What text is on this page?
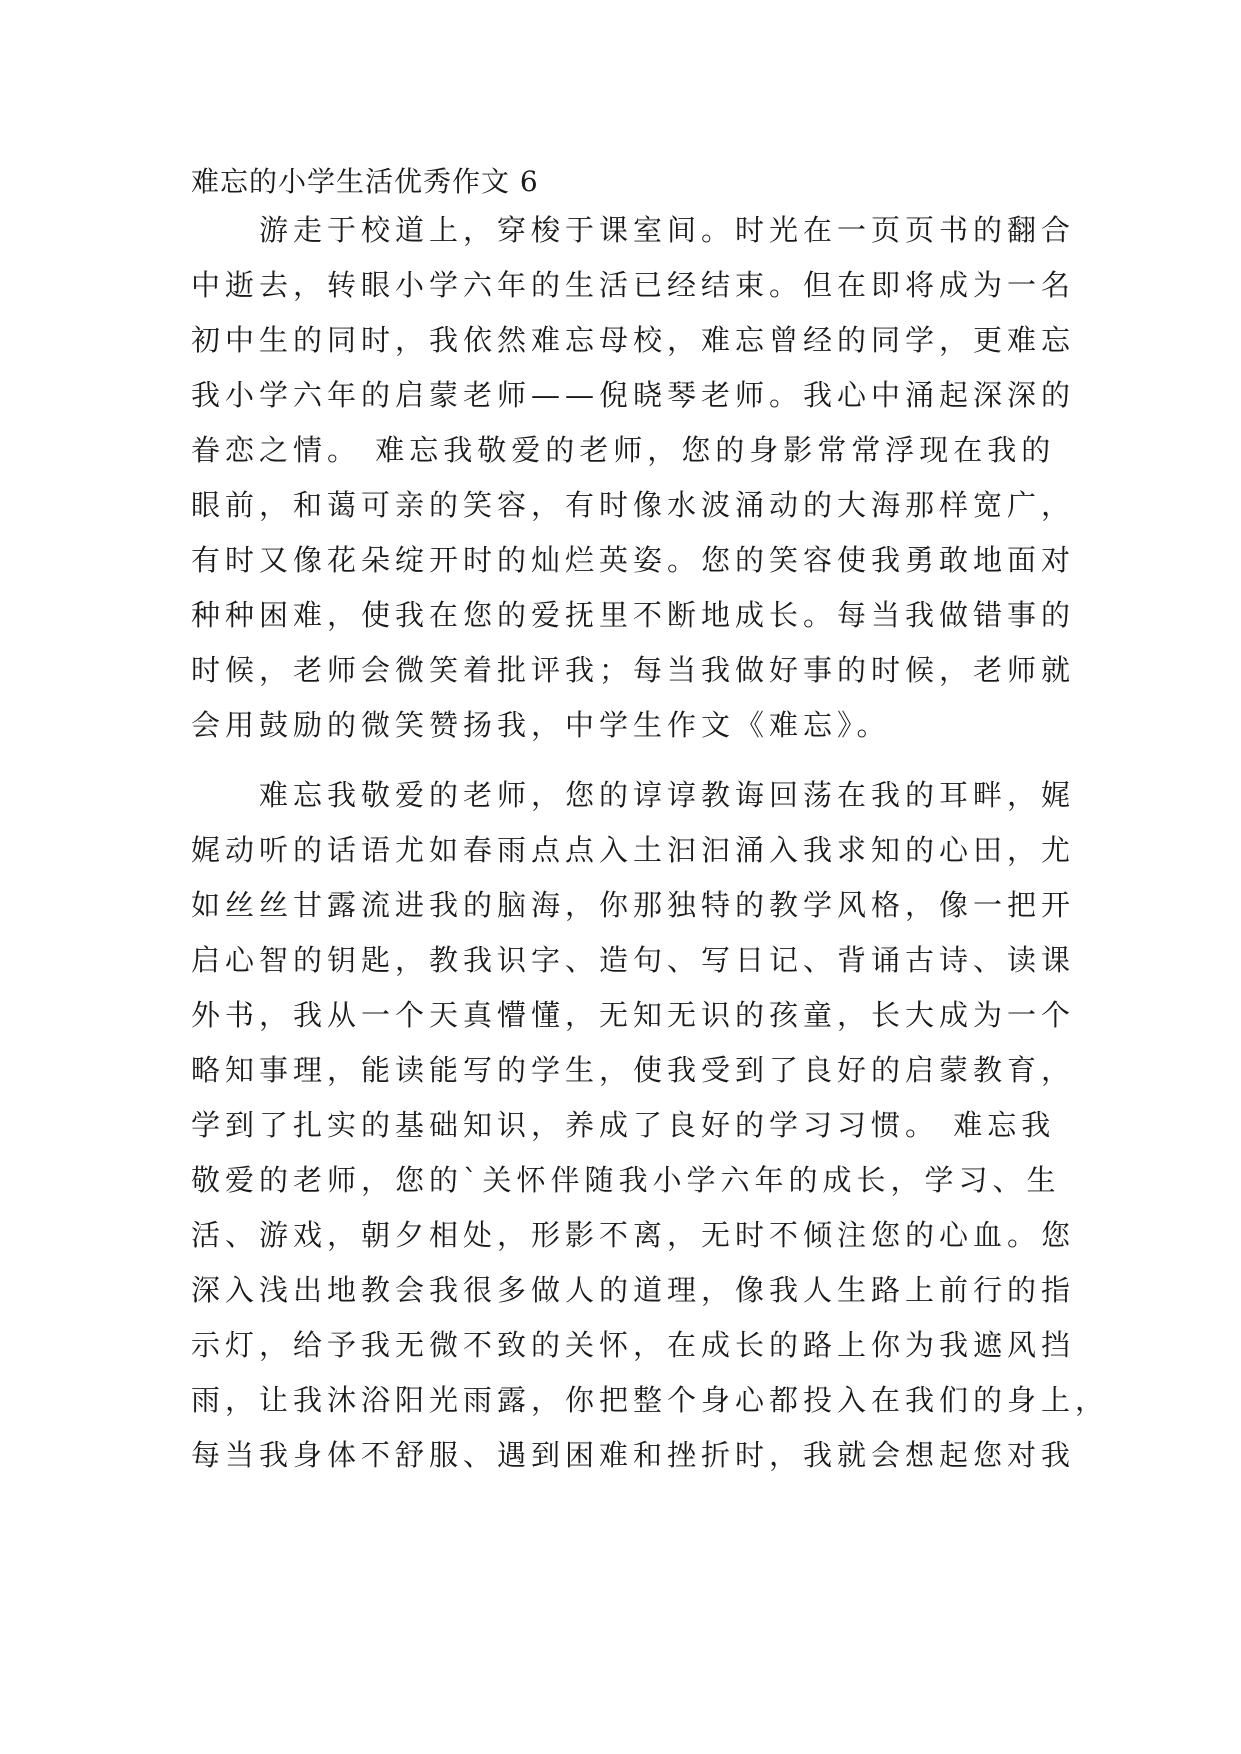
难忘的小学生活优秀作文 6

　　游走于校道上，穿梭于课室间。时光在一页页书的翻合

中逝去，转眼小学六年的生活已经结束。但在即将成为一名

初中生的同时，我依然难忘母校，难忘曾经的同学，更难忘

我小学六年的启蒙老师——倪晓琴老师。我心中涌起深深的

眷恋之情。 难忘我敬爱的老师，您的身影常常浮现在我的

眼前，和蔼可亲的笑容，有时像水波涌动的大海那样宽广，

有时又像花朵绽开时的灿烂英姿。您的笑容使我勇敢地面对

种种困难，使我在您的爱抚里不断地成长。每当我做错事的

时候，老师会微笑着批评我；每当我做好事的时候，老师就

会用鼓励的微笑赞扬我，中学生作文《难忘》。

　　难忘我敬爱的老师，您的谆谆教诲回荡在我的耳畔，娓

娓动听的话语尤如春雨点点入土汩汩涌入我求知的心田，尤

如丝丝甘露流进我的脑海，你那独特的教学风格，像一把开

启心智的钥匙，教我识字、造句、写日记、背诵古诗、读课

外书，我从一个天真懵懂，无知无识的孩童，长大成为一个

略知事理，能读能写的学生，使我受到了良好的启蒙教育，

学到了扎实的基础知识，养成了良好的学习习惯。 难忘我

敬爱的老师，您的`关怀伴随我小学六年的成长，学习、生

活、游戏，朝夕相处，形影不离，无时不倾注您的心血。您

深入浅出地教会我很多做人的道理，像我人生路上前行的指

示灯，给予我无微不致的关怀，在成长的路上你为我遮风挡

雨，让我沐浴阳光雨露，你把整个身心都投入在我们的身上，

每当我身体不舒服、遇到困难和挫折时，我就会想起您对我
